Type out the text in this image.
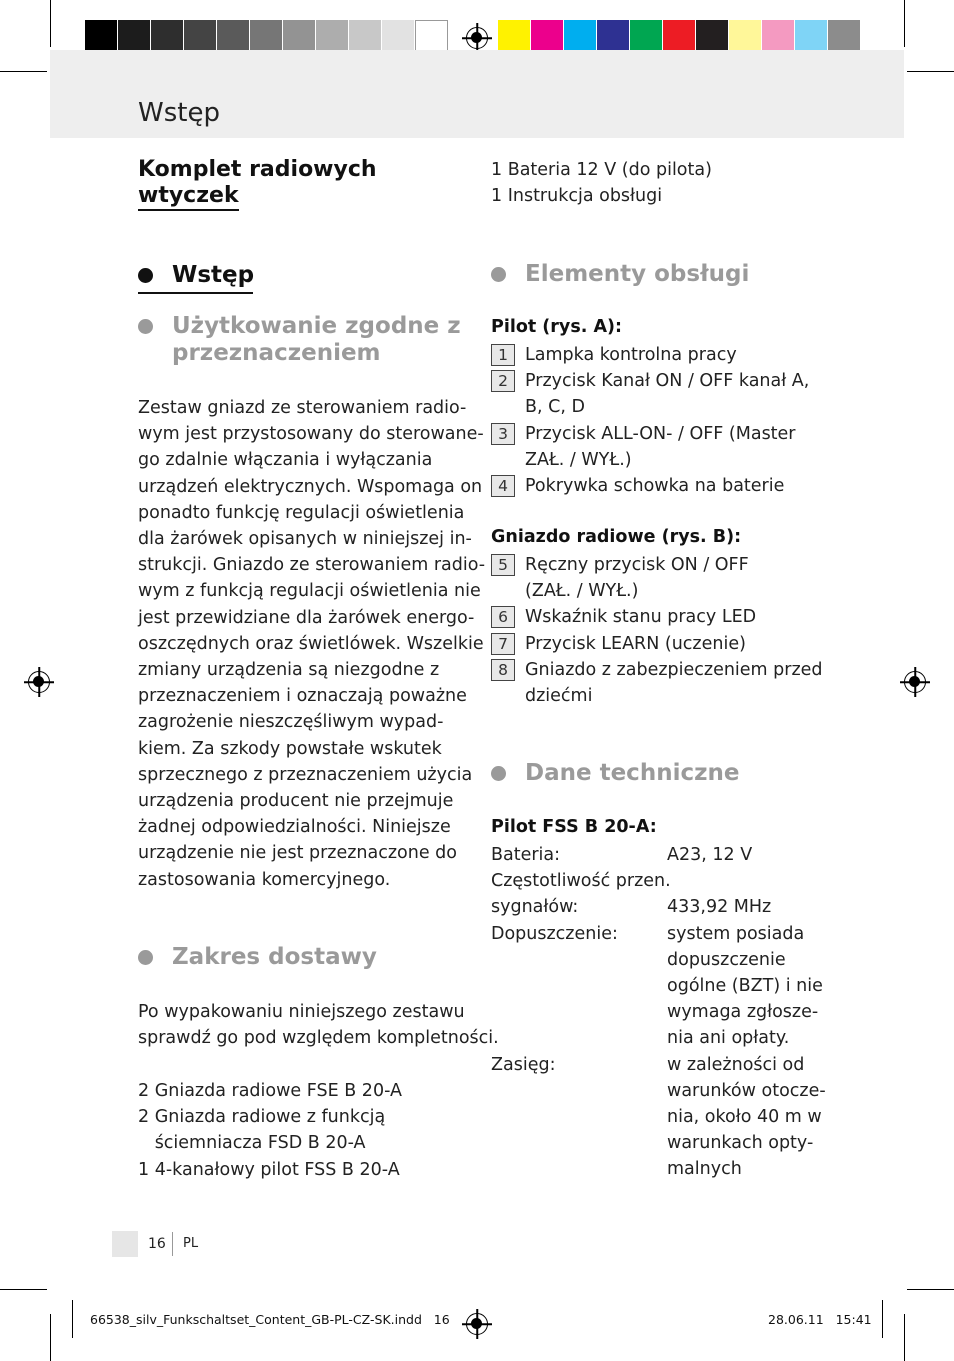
Wstęp
Komplet radiowych
wtyczek
Wstęp
Użytkowanie zgodne z
przeznaczeniem
Zestaw gniazd ze sterowaniem radio-
wym jest przystosowany do sterowane-
go zdalnie włączania i wyłączania
urządzeń elektrycznych. Wspomaga on
ponadto funkcję regulacji oświetlenia
dla żarówek opisanych w niniejszej in-
strukcji. Gniazdo ze sterowaniem radio-
wym z funkcją regulacji oświetlenia nie
jest przewidziane dla żarówek energo-
oszczędnych oraz świetlówek. Wszelkie
zmiany urządzenia są niezgodne z
przeznaczeniem i oznaczają poważne
zagrożenie nieszczęśliwym wypad-
kiem. Za szkody powstałe wskutek
sprzecznego z przeznaczeniem użycia
urządzenia producent nie przejmuje
żadnej odpowiedzialności. Niniejsze
urządzenie nie jest przeznaczone do
zastosowania komercyjnego.
Zakres dostawy
Po wypakowaniu niniejszego zestawu
sprawdź go pod względem kompletności.
2 Gniazda radiowe FSE B 20-A
2 Gniazda radiowe z funkcją
ściemniacza FSD B 20-A
1 4-kanałowy pilot FSS B 20-A
1 Bateria 12 V (do pilota)
1 Instrukcja obsługi
Elementy obsługi
Pilot (rys. A):
1 Lampka kontrolna pracy
2 Przycisk Kanał ON / OFF kanał A,
B, C, D
3 Przycisk ALL-ON- / OFF (Master
ZAŁ. / WYŁ.)
4 Pokrywka schowka na baterie
Gniazdo radiowe (rys. B):
5 Ręczny przycisk ON / OFF
(ZAŁ. / WYŁ.)
6 Wskaźnik stanu pracy LED
7 Przycisk LEARN (uczenie)
8 Gniazdo z zabezpieczeniem przed
dziećmi
Dane techniczne
Pilot FSS B 20-A:
Bateria:	A23, 12 V
Częstotliwość przen.
sygnałów:	433,92 MHz
Dopuszczenie:	system posiada
dopuszczenie
ogólne (BZT) i nie
wymaga zgłosze-
nia ani opłaty.
Zasięg:	w zależności od
warunków otocze-
nia, około 40 m w
warunkach opty-
malnych
16 PL
66538_silv_Funkschaltset_Content_GB-PL-CZ-SK.indd   16	28.06.11   15:41
